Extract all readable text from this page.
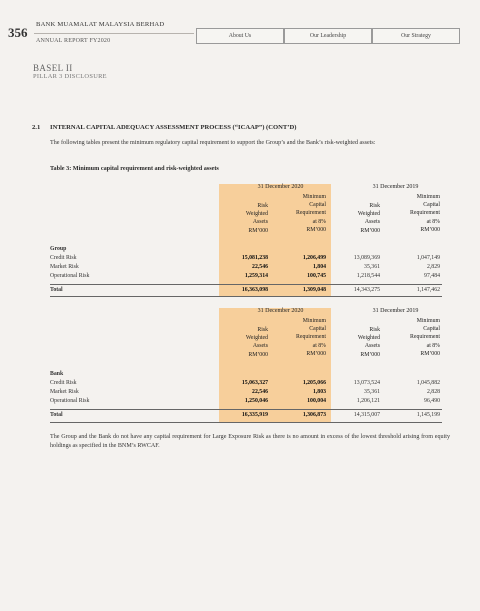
356
BANK MUAMALAT MALAYSIA BERHAD
ANNUAL REPORT FY2020
About Us	Our Leadership	Our Strategy
BASEL II
PILLAR 3 DISCLOSURE
2.1 INTERNAL CAPITAL ADEQUACY ASSESSMENT PROCESS (“ICAAP”) (CONT’D)
The following tables present the minimum regulatory capital requirement to support the Group’s and the Bank’s risk-weighted assets:
Table 3: Minimum capital requirement and risk-weighted assets
31 December 2020	31 December 2019
Risk
Weighted
Assets
RM’000
Minimum
Capital
Requirement
at 8%
RM’000
Risk
Weighted
Assets
RM’000
Minimum
Capital
Requirement
at 8%
RM’000
Group
Credit Risk	15,081,238	1,206,499	13,089,369	1,047,149
Market Risk	22,546	1,804	35,361	2,829
Operational Risk	1,259,314	100,745	1,218,544	97,484
Total	16,363,098	1,309,048	14,343,275	1,147,462
31 December 2020	31 December 2019
Risk
Weighted
Assets
RM’000
Minimum
Capital
Requirement
at 8%
RM’000
Risk
Weighted
Assets
RM’000
Minimum
Capital
Requirement
at 8%
RM’000
Bank
Credit Risk	15,063,327	1,205,066	13,073,524	1,045,882
Market Risk	22,546	1,803	35,361	2,828
Operational Risk	1,250,046	100,004	1,206,121	96,490
Total	16,335,919	1,306,873	14,315,007	1,145,199
The Group and the Bank do not have any capital requirement for Large Exposure Risk as there is no amount in excess of the lowest threshold arising from equity holdings as specified in the BNM’s RWCAF.
